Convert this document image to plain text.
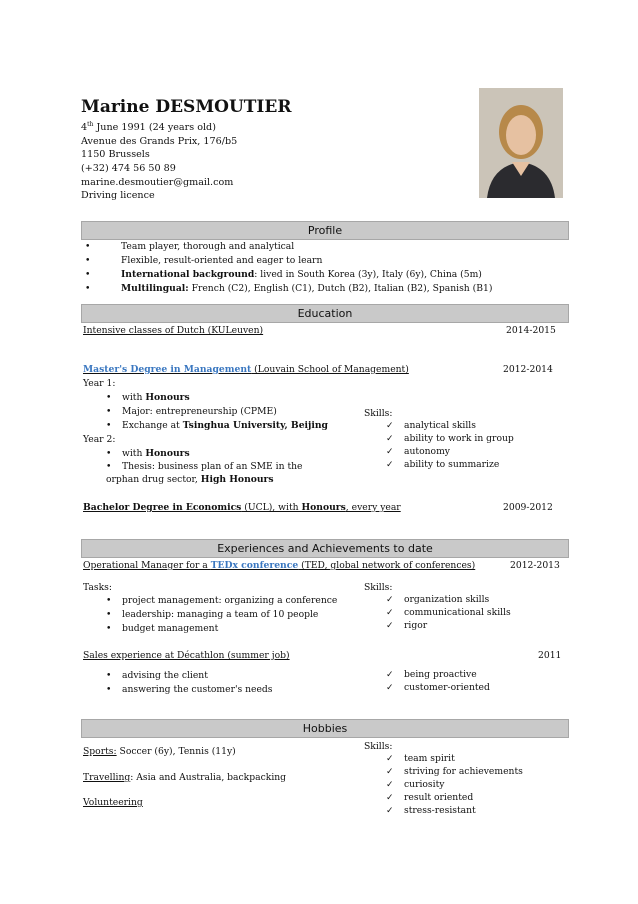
Marine DESMOUTIER
4th June 1991 (24 years old)
Avenue des Grands Prix, 176/b5
1150 Brussels
(+32) 474 56 50 89
marine.desmoutier@gmail.com
Driving licence
Profile
•	Team player, thorough and analytical
•	Flexible, result-oriented and eager to learn
•	International background: lived in South Korea (3y), Italy (6y), China (5m)
•	Multilingual: French (C2), English (C1), Dutch (B2), Italian (B2), Spanish (B1)
Education
Intensive classes of Dutch (KULeuven)	2014-2015
Master's Degree in Management (Louvain School of Management)	2012-2014
Year 1:
• with Honours
• Major: entrepreneurship (CPME)
• Exchange at Tsinghua University, Beijing
Year 2:
• with Honours
• Thesis: business plan of an SME in the
orphan drug sector, High Honours
Skills:
✓ analytical skills
✓ ability to work in group
✓ autonomy
✓ ability to summarize
Bachelor Degree in Economics (UCL), with Honours, every year	2009-2012
Experiences and Achievements to date
Operational Manager for a TEDx conference (TED, global network of conferences)	2012-2013
Tasks:
• project management: organizing a conference
• leadership: managing a team of 10 people
• budget management
Skills:
✓ organization skills
✓ communicational skills
✓ rigor
Sales experience at Décathlon (summer job)	2011
• advising the client
• answering the customer's needs
✓ being proactive
✓ customer-oriented
Hobbies
Sports: Soccer (6y), Tennis (11y)
Travelling: Asia and Australia, backpacking
Volunteering
Skills:
✓ team spirit
✓ striving for achievements
✓ curiosity
✓ result oriented
✓ stress-resistant
